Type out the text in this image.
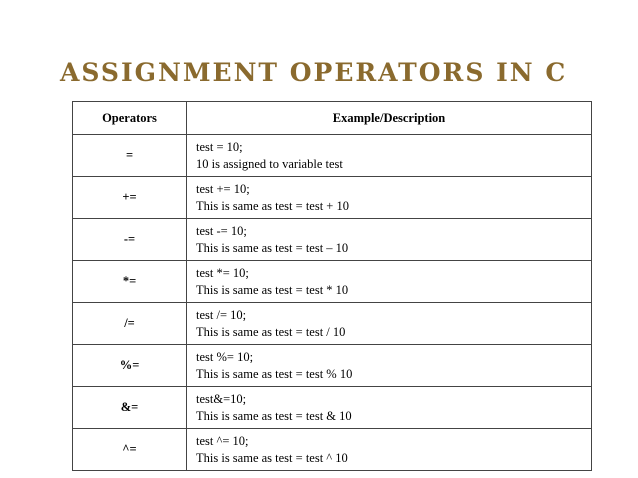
ASSIGNMENT OPERATORS IN C
Operators	Example/Description
=	test = 10;
10 is assigned to variable test

+=	test += 10;
This is same as test = test + 10

-=	test -= 10;
This is same as test = test – 10

*=	test *= 10;
This is same as test = test * 10

/=	test /= 10;
This is same as test = test / 10

%=	test %= 10;
This is same as test = test % 10

&=	test&=10;
This is same as test = test & 10

^=	test ^= 10;
This is same as test = test ^ 10
